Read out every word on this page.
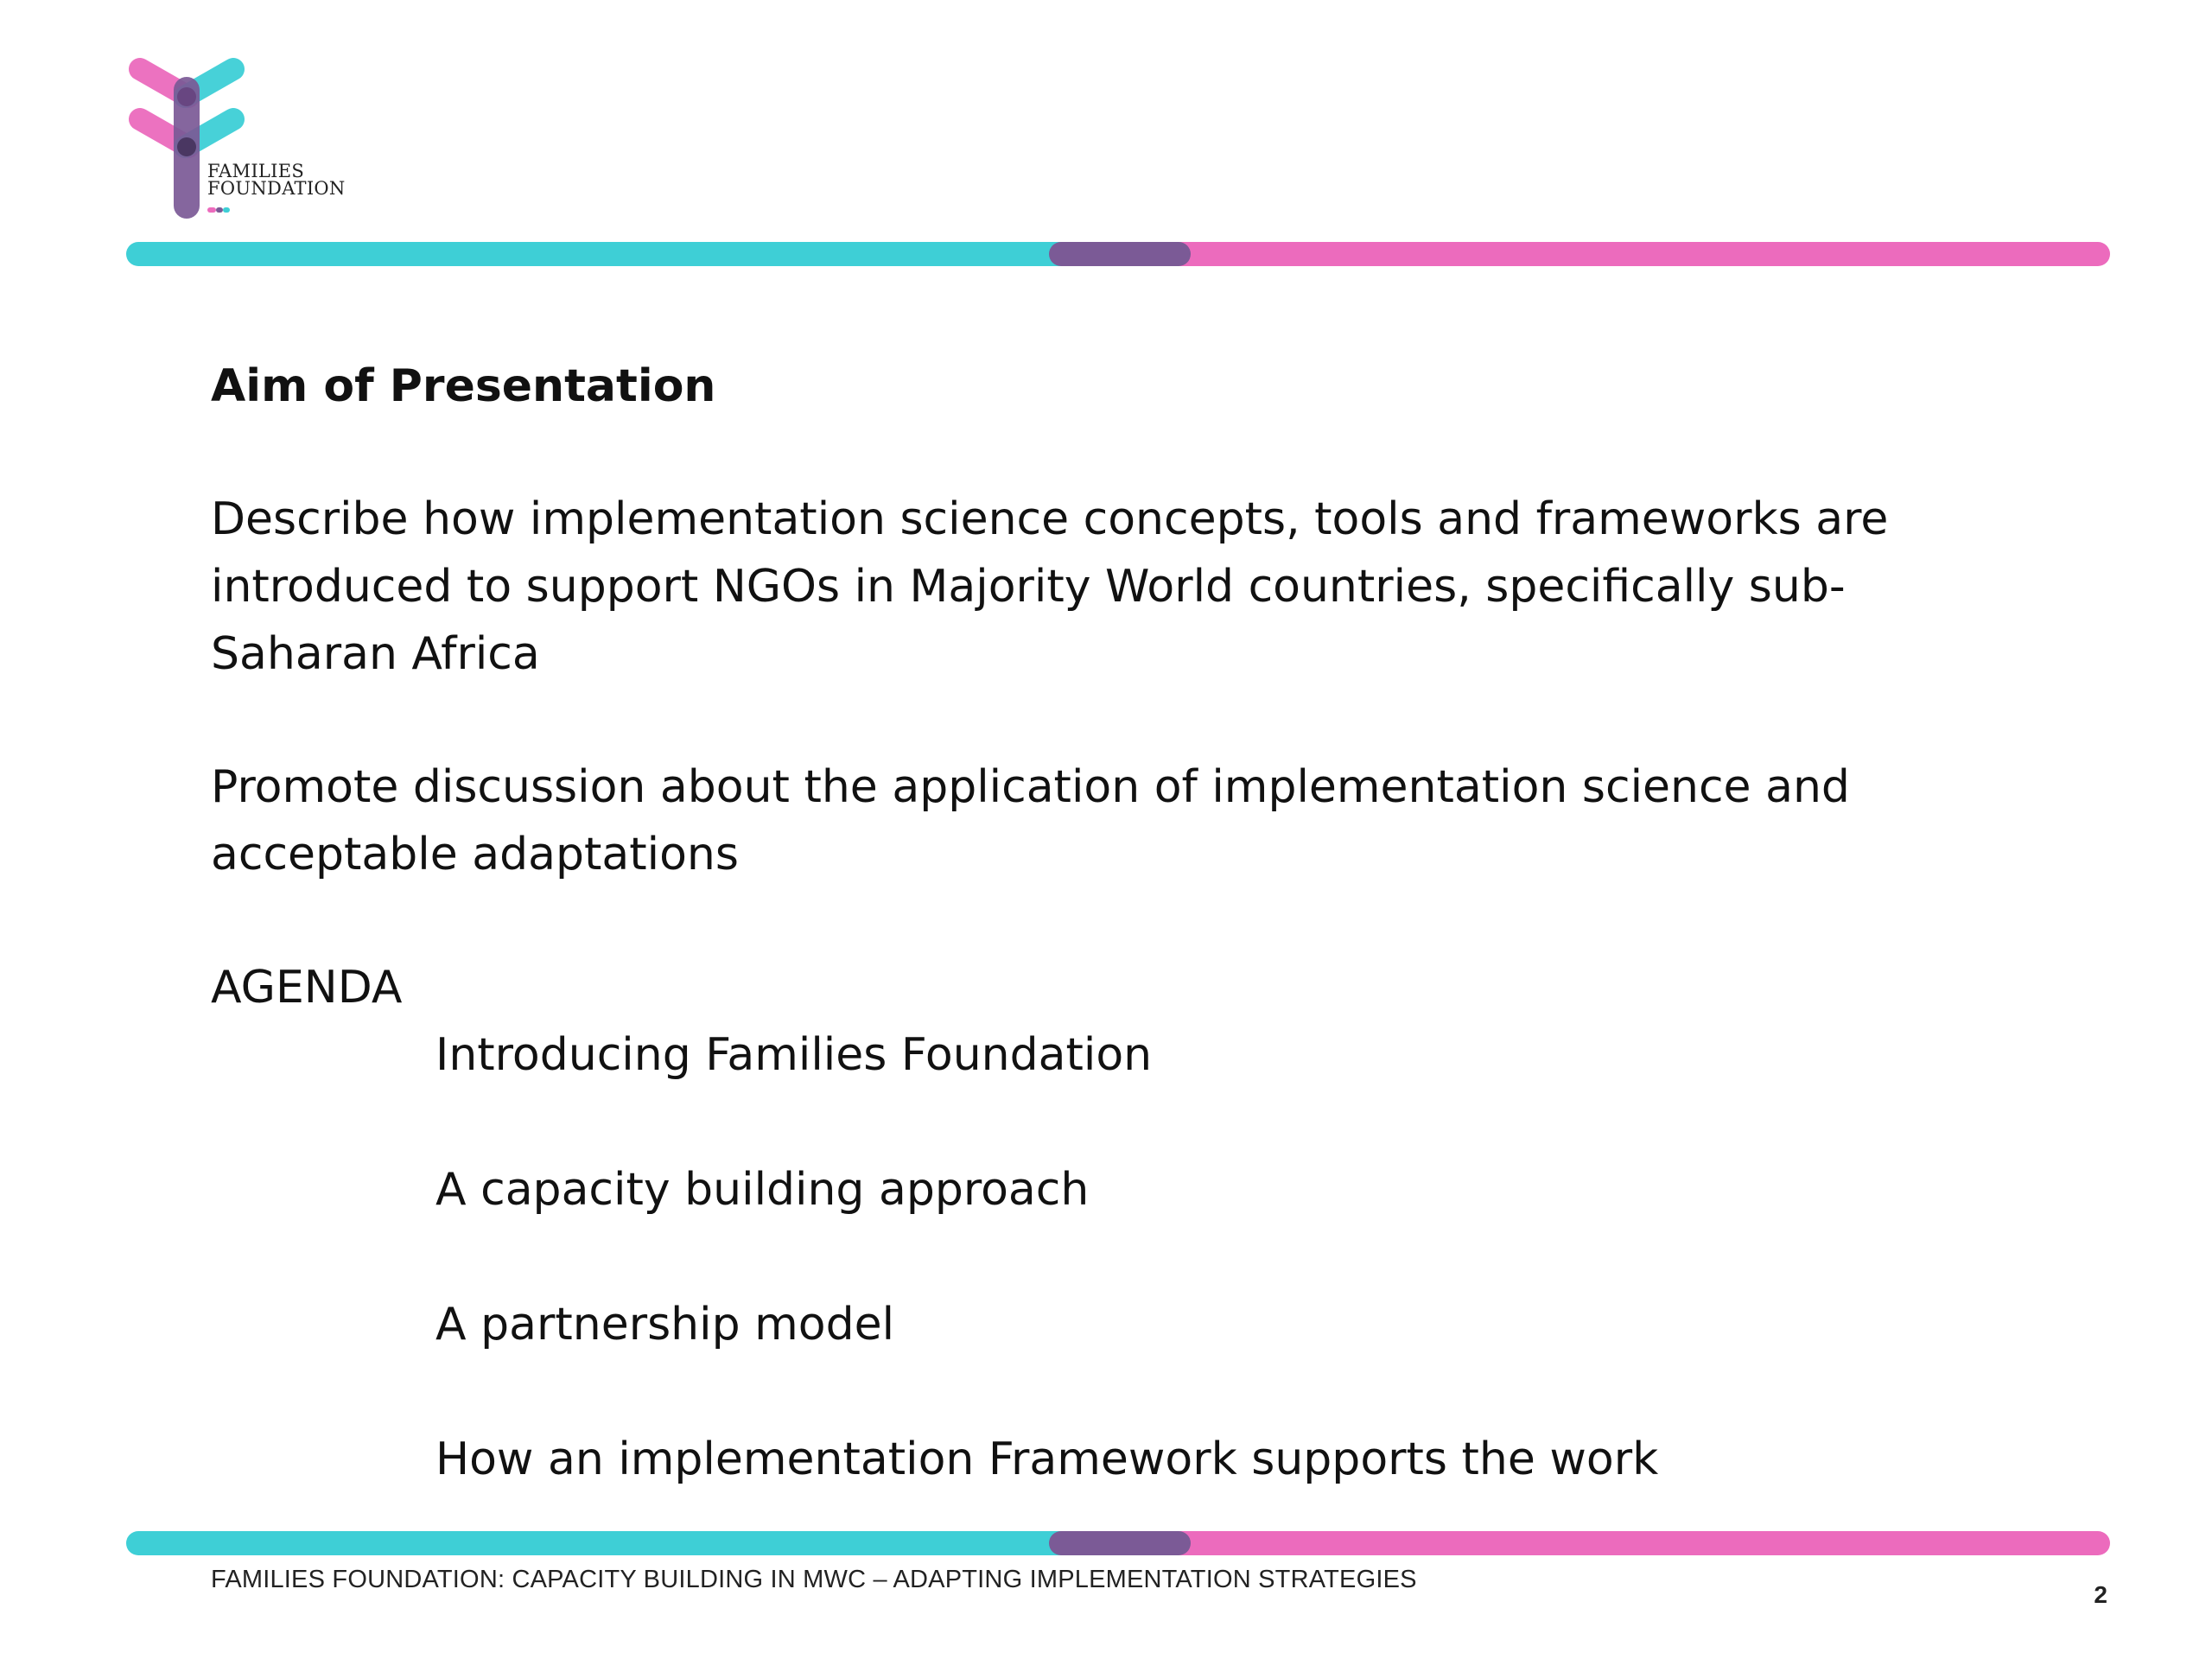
FAMILIES
FOUNDATION
Aim of Presentation

Describe how implementation science concepts, tools and frameworks are introduced to support NGOs in Majority World countries, specifically sub-Saharan Africa

Promote discussion about the application of implementation science and acceptable adaptations

AGENDA
Introducing Families Foundation
A capacity building approach
A partnership model
How an implementation Framework supports the work
FAMILIES FOUNDATION: CAPACITY BUILDING IN MWC – ADAPTING IMPLEMENTATION STRATEGIES
2
